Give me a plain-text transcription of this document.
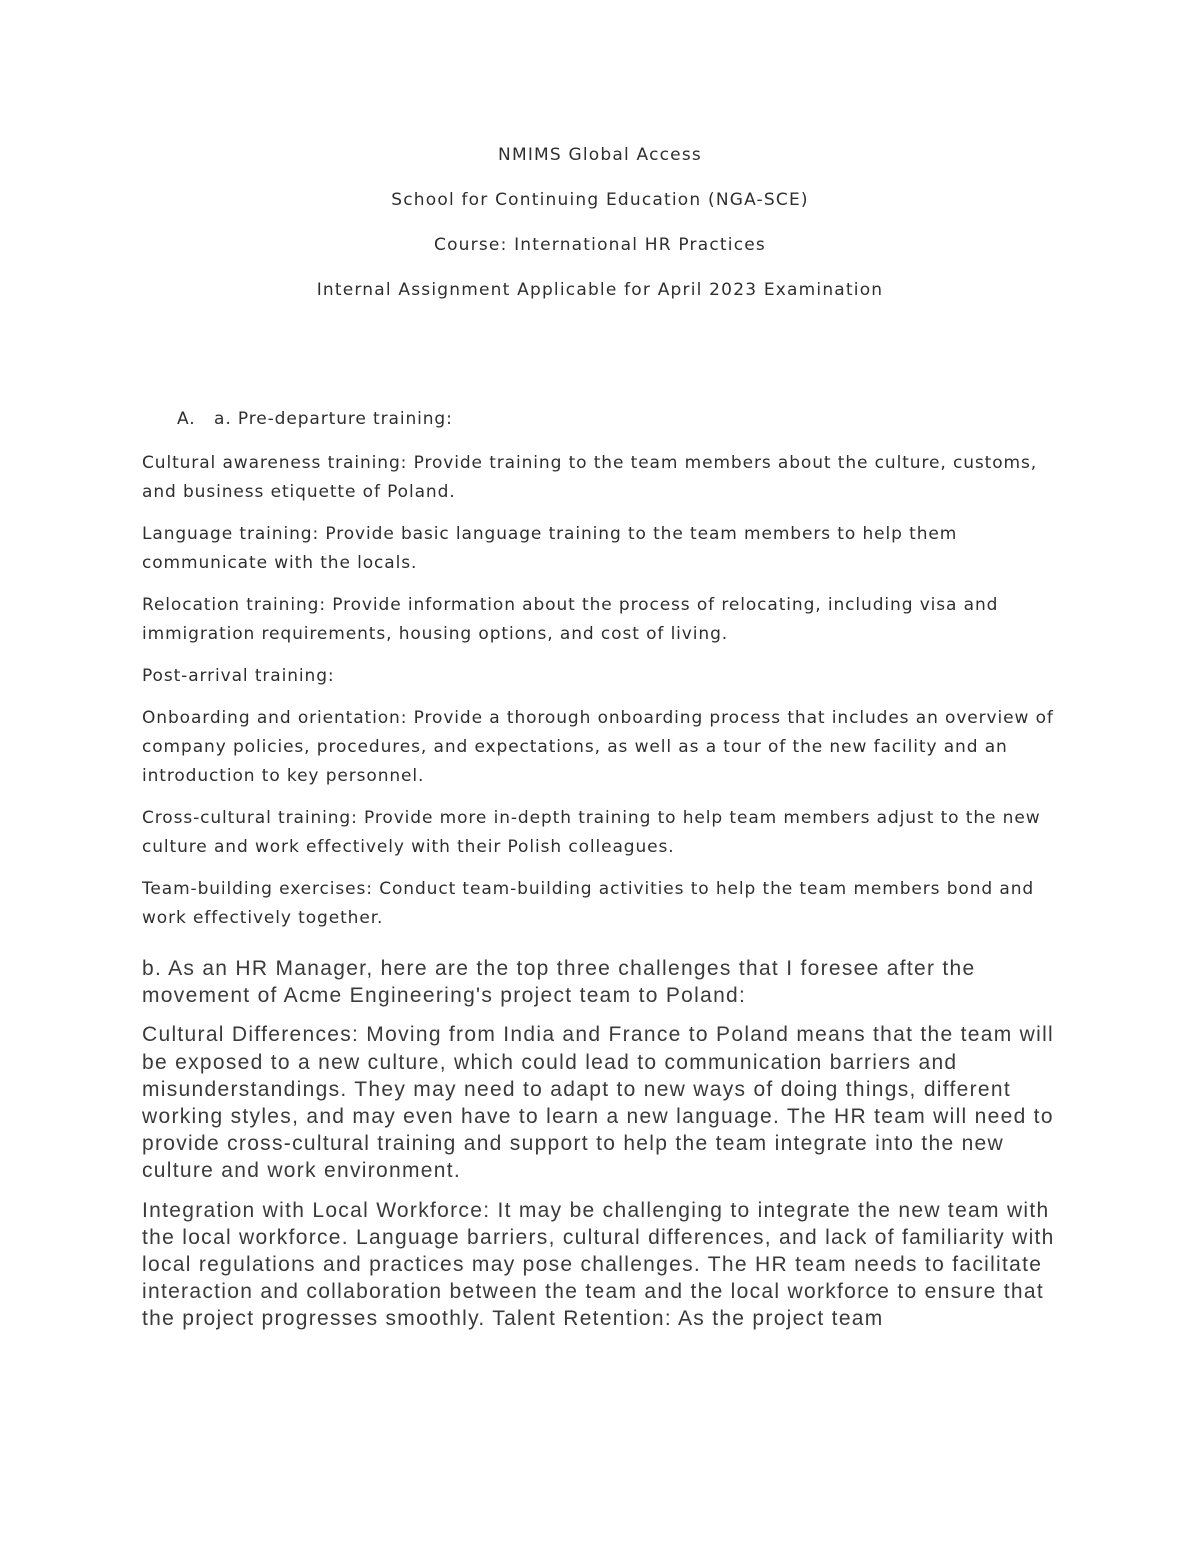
NMIMS Global Access
School for Continuing Education (NGA-SCE)
Course: International HR Practices
Internal Assignment Applicable for April 2023 Examination
A. a. Pre-departure training:

Cultural awareness training: Provide training to the team members about the culture, customs, and business etiquette of Poland.

Language training: Provide basic language training to the team members to help them communicate with the locals.

Relocation training: Provide information about the process of relocating, including visa and immigration requirements, housing options, and cost of living.

Post-arrival training:

Onboarding and orientation: Provide a thorough onboarding process that includes an overview of company policies, procedures, and expectations, as well as a tour of the new facility and an introduction to key personnel.

Cross-cultural training: Provide more in-depth training to help team members adjust to the new culture and work effectively with their Polish colleagues.

Team-building exercises: Conduct team-building activities to help the team members bond and work effectively together.

b. As an HR Manager, here are the top three challenges that I foresee after the movement of Acme Engineering's project team to Poland:

Cultural Differences: Moving from India and France to Poland means that the team will be exposed to a new culture, which could lead to communication barriers and misunderstandings. They may need to adapt to new ways of doing things, different working styles, and may even have to learn a new language. The HR team will need to provide cross-cultural training and support to help the team integrate into the new culture and work environment.

Integration with Local Workforce: It may be challenging to integrate the new team with the local workforce. Language barriers, cultural differences, and lack of familiarity with local regulations and practices may pose challenges. The HR team needs to facilitate interaction and collaboration between the team and the local workforce to ensure that the project progresses smoothly. Talent Retention: As the project team
